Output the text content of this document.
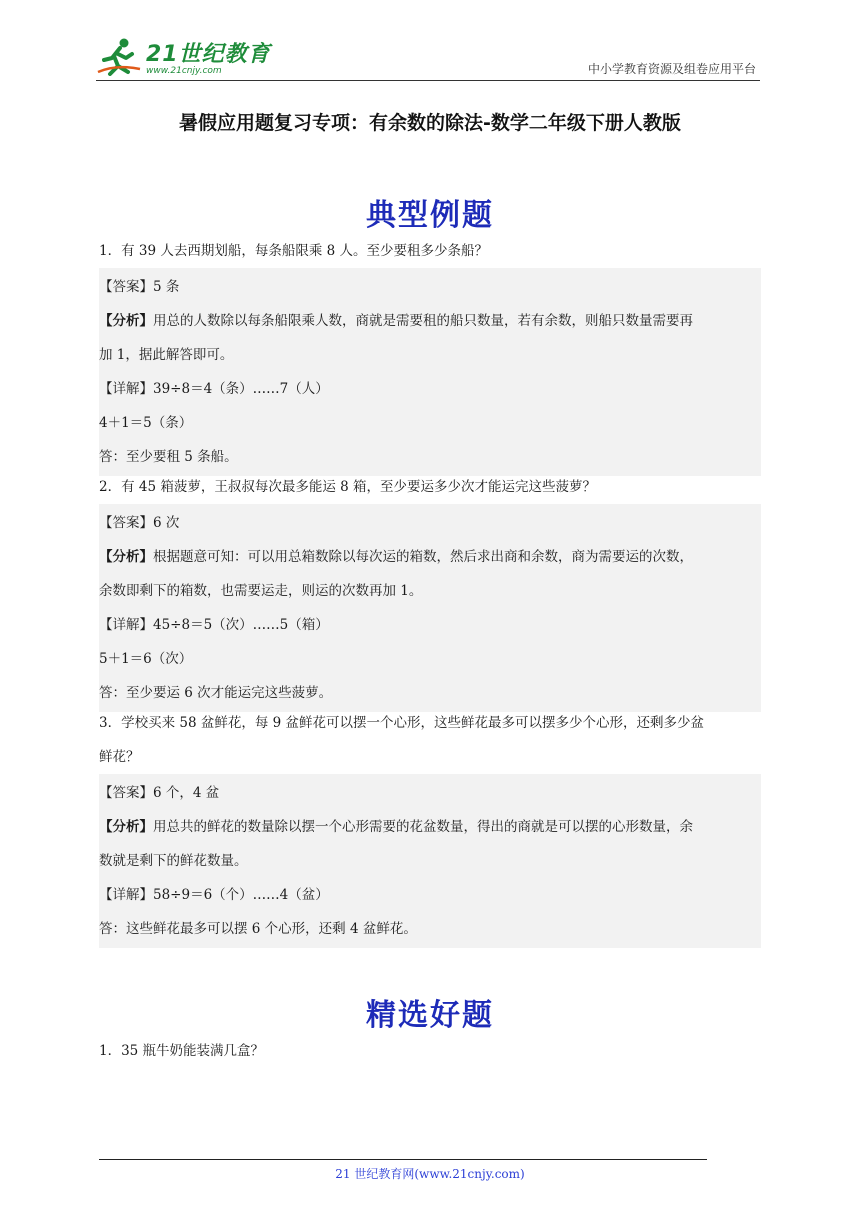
21世纪教育
www.21cnjy.com	中小学教育资源及组卷应用平台
暑假应用题复习专项：有余数的除法-数学二年级下册人教版
典型例题

1．有 39 人去西期划船，每条船限乘 8 人。至少要租多少条船？

【答案】5 条

【分析】用总的人数除以每条船限乘人数，商就是需要租的船只数量，若有余数，则船只数量需要再

加 1，据此解答即可。

【详解】39÷8＝4（条）……7（人）

4＋1＝5（条）

答：至少要租 5 条船。

2．有 45 箱菠萝，王叔叔每次最多能运 8 箱，至少要运多少次才能运完这些菠萝？

【答案】6 次

【分析】根据题意可知：可以用总箱数除以每次运的箱数，然后求出商和余数，商为需要运的次数，

余数即剩下的箱数，也需要运走，则运的次数再加 1。

【详解】45÷8＝5（次）……5（箱）

5＋1＝6（次）

答：至少要运 6 次才能运完这些菠萝。

3．学校买来 58 盆鲜花，每 9 盆鲜花可以摆一个心形，这些鲜花最多可以摆多少个心形，还剩多少盆

鲜花？

【答案】6 个，4 盆

【分析】用总共的鲜花的数量除以摆一个心形需要的花盆数量，得出的商就是可以摆的心形数量，余

数就是剩下的鲜花数量。

【详解】58÷9＝6（个）……4（盆）

答：这些鲜花最多可以摆 6 个心形，还剩 4 盆鲜花。

精选好题

1．35 瓶牛奶能装满几盒？

21 世纪教育网(www.21cnjy.com)
